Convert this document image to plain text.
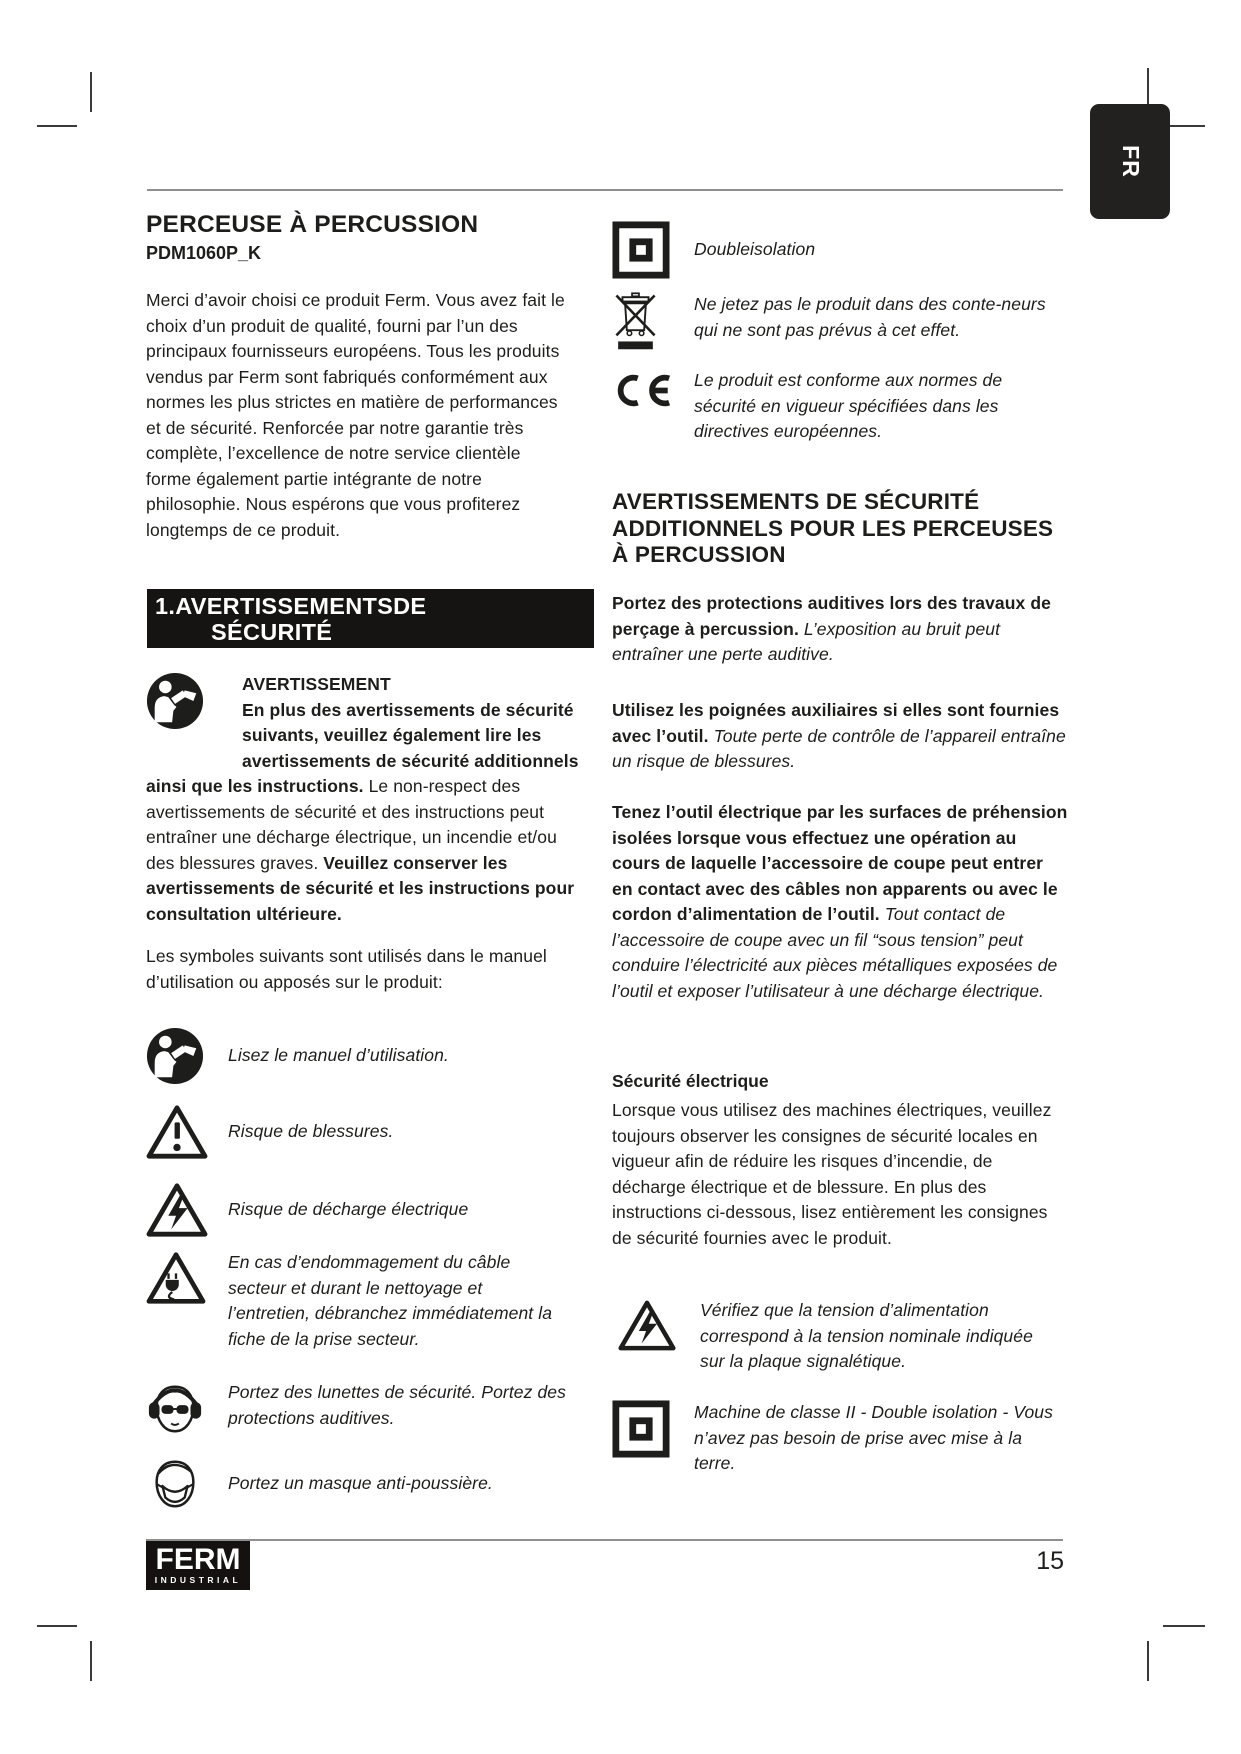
FR
PERCEUSE À PERCUSSION
PDM1060P_K

Merci d’avoir choisi ce produit Ferm. Vous avez fait le choix d’un produit de qualité, fourni par l’un des principaux fournisseurs européens. Tous les produits vendus par Ferm sont fabriqués conformément aux normes les plus strictes en matière de performances et de sécurité. Renforcée par notre garantie très complète, l’excellence de notre service clientèle forme également partie intégrante de notre philosophie. Nous espérons que vous profiterez longtemps de ce produit.

1.AVERTISSEMENTSDE
SÉCURITÉ

AVERTISSEMENT
En plus des avertissements de sécurité suivants, veuillez également lire les avertissements de sécurité additionnels ainsi que les instructions. Le non-respect des avertissements de sécurité et des instructions peut entraîner une décharge électrique, un incendie et/ou des blessures graves. Veuillez conserver les avertissements de sécurité et les instructions pour consultation ultérieure.

Les symboles suivants sont utilisés dans le manuel d’utilisation ou apposés sur le produit:

Lisez le manuel d’utilisation.
Risque de blessures.
Risque de décharge électrique
En cas d’endommagement du câble secteur et durant le nettoyage et l’entretien, débranchez immédiatement la fiche de la prise secteur.
Portez des lunettes de sécurité. Portez des protections auditives.
Portez un masque anti-poussière.
Doubleisolation
Ne jetez pas le produit dans des conte-neurs qui ne sont pas prévus à cet effet.
Le produit est conforme aux normes de sécurité en vigueur spécifiées dans les directives européennes.
AVERTISSEMENTS DE SÉCURITÉ ADDITIONNELS POUR LES PERCEUSES À PERCUSSION

Portez des protections auditives lors des travaux de perçage à percussion. L’exposition au bruit peut entraîner une perte auditive.

Utilisez les poignées auxiliaires si elles sont fournies avec l’outil. Toute perte de contrôle de l’appareil entraîne un risque de blessures.

Tenez l’outil électrique par les surfaces de préhension isolées lorsque vous effectuez une opération au cours de laquelle l’accessoire de coupe peut entrer en contact avec des câbles non apparents ou avec le cordon d’alimentation de l’outil. Tout contact de l’accessoire de coupe avec un fil “sous tension” peut conduire l’électricité aux pièces métalliques exposées de l’outil et exposer l’utilisateur à une décharge électrique.

Sécurité électrique

Lorsque vous utilisez des machines électriques, veuillez toujours observer les consignes de sécurité locales en vigueur afin de réduire les risques d’incendie, de décharge électrique et de blessure. En plus des instructions ci-dessous, lisez entièrement les consignes de sécurité fournies avec le produit.

Vérifiez que la tension d’alimentation correspond à la tension nominale indiquée sur la plaque signalétique.
Machine de classe II - Double isolation - Vous n’avez pas besoin de prise avec mise à la terre.
FERM
INDUSTRIAL
15
